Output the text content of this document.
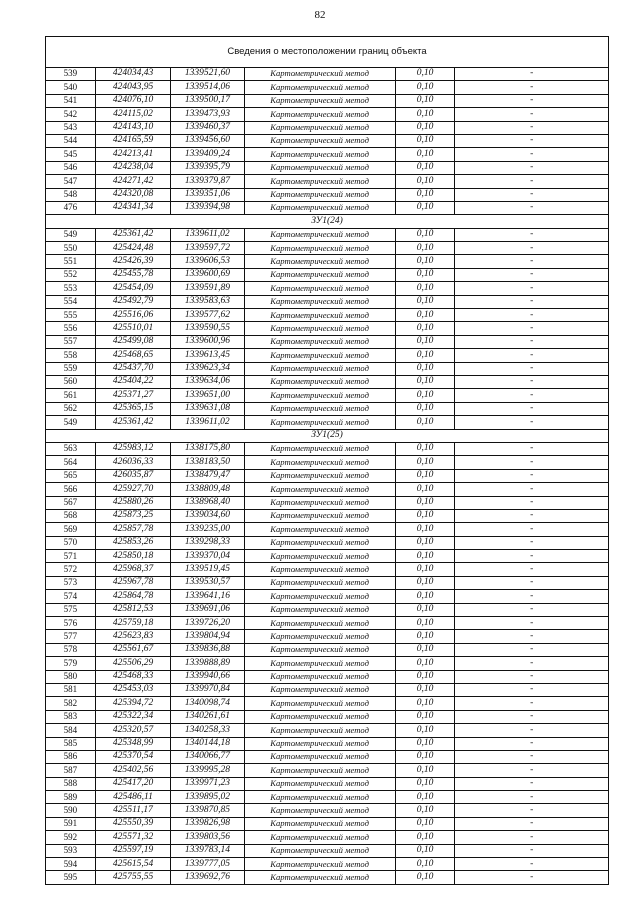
82
Сведения о местоположении границ объекта
539	424034,43	1339521,60	Картометрический метод	0,10	-
540	424043,95	1339514,06	Картометрический метод	0,10	-
541	424076,10	1339500,17	Картометрический метод	0,10	-
542	424115,02	1339473,93	Картометрический метод	0,10	-
543	424143,10	1339460,37	Картометрический метод	0,10	-
544	424165,59	1339456,60	Картометрический метод	0,10	-
545	424213,41	1339409,24	Картометрический метод	0,10	-
546	424238,04	1339395,79	Картометрический метод	0,10	-
547	424271,42	1339379,87	Картометрический метод	0,10	-
548	424320,08	1339351,06	Картометрический метод	0,10	-
476	424341,34	1339394,98	Картометрический метод	0,10	-
ЗУ1(24)					
549	425361,42	1339611,02	Картометрический метод	0,10	-
550	425424,48	1339597,72	Картометрический метод	0,10	-
551	425426,39	1339606,53	Картометрический метод	0,10	-
552	425455,78	1339600,69	Картометрический метод	0,10	-
553	425454,09	1339591,89	Картометрический метод	0,10	-
554	425492,79	1339583,63	Картометрический метод	0,10	-
555	425516,06	1339577,62	Картометрический метод	0,10	-
556	425510,01	1339590,55	Картометрический метод	0,10	-
557	425499,08	1339600,96	Картометрический метод	0,10	-
558	425468,65	1339613,45	Картометрический метод	0,10	-
559	425437,70	1339623,34	Картометрический метод	0,10	-
560	425404,22	1339634,06	Картометрический метод	0,10	-
561	425371,27	1339651,00	Картометрический метод	0,10	-
562	425365,15	1339631,08	Картометрический метод	0,10	-
549	425361,42	1339611,02	Картометрический метод	0,10	-
ЗУ1(25)					
563	425983,12	1338175,80	Картометрический метод	0,10	-
564	426036,33	1338183,50	Картометрический метод	0,10	-
565	426035,87	1338479,47	Картометрический метод	0,10	-
566	425927,70	1338809,48	Картометрический метод	0,10	-
567	425880,26	1338968,40	Картометрический метод	0,10	-
568	425873,25	1339034,60	Картометрический метод	0,10	-
569	425857,78	1339235,00	Картометрический метод	0,10	-
570	425853,26	1339298,33	Картометрический метод	0,10	-
571	425850,18	1339370,04	Картометрический метод	0,10	-
572	425968,37	1339519,45	Картометрический метод	0,10	-
573	425967,78	1339530,57	Картометрический метод	0,10	-
574	425864,78	1339641,16	Картометрический метод	0,10	-
575	425812,53	1339691,06	Картометрический метод	0,10	-
576	425759,18	1339726,20	Картометрический метод	0,10	-
577	425623,83	1339804,94	Картометрический метод	0,10	-
578	425561,67	1339836,88	Картометрический метод	0,10	-
579	425506,29	1339888,89	Картометрический метод	0,10	-
580	425468,33	1339940,66	Картометрический метод	0,10	-
581	425453,03	1339970,84	Картометрический метод	0,10	-
582	425394,72	1340098,74	Картометрический метод	0,10	-
583	425322,34	1340261,61	Картометрический метод	0,10	-
584	425320,57	1340258,33	Картометрический метод	0,10	-
585	425348,99	1340144,18	Картометрический метод	0,10	-
586	425370,54	1340066,77	Картометрический метод	0,10	-
587	425402,56	1339995,28	Картометрический метод	0,10	-
588	425417,20	1339971,23	Картометрический метод	0,10	-
589	425486,11	1339895,02	Картометрический метод	0,10	-
590	425511,17	1339870,85	Картометрический метод	0,10	-
591	425550,39	1339826,98	Картометрический метод	0,10	-
592	425571,32	1339803,56	Картометрический метод	0,10	-
593	425597,19	1339783,14	Картометрический метод	0,10	-
594	425615,54	1339777,05	Картометрический метод	0,10	-
595	425755,55	1339692,76	Картометрический метод	0,10	-
